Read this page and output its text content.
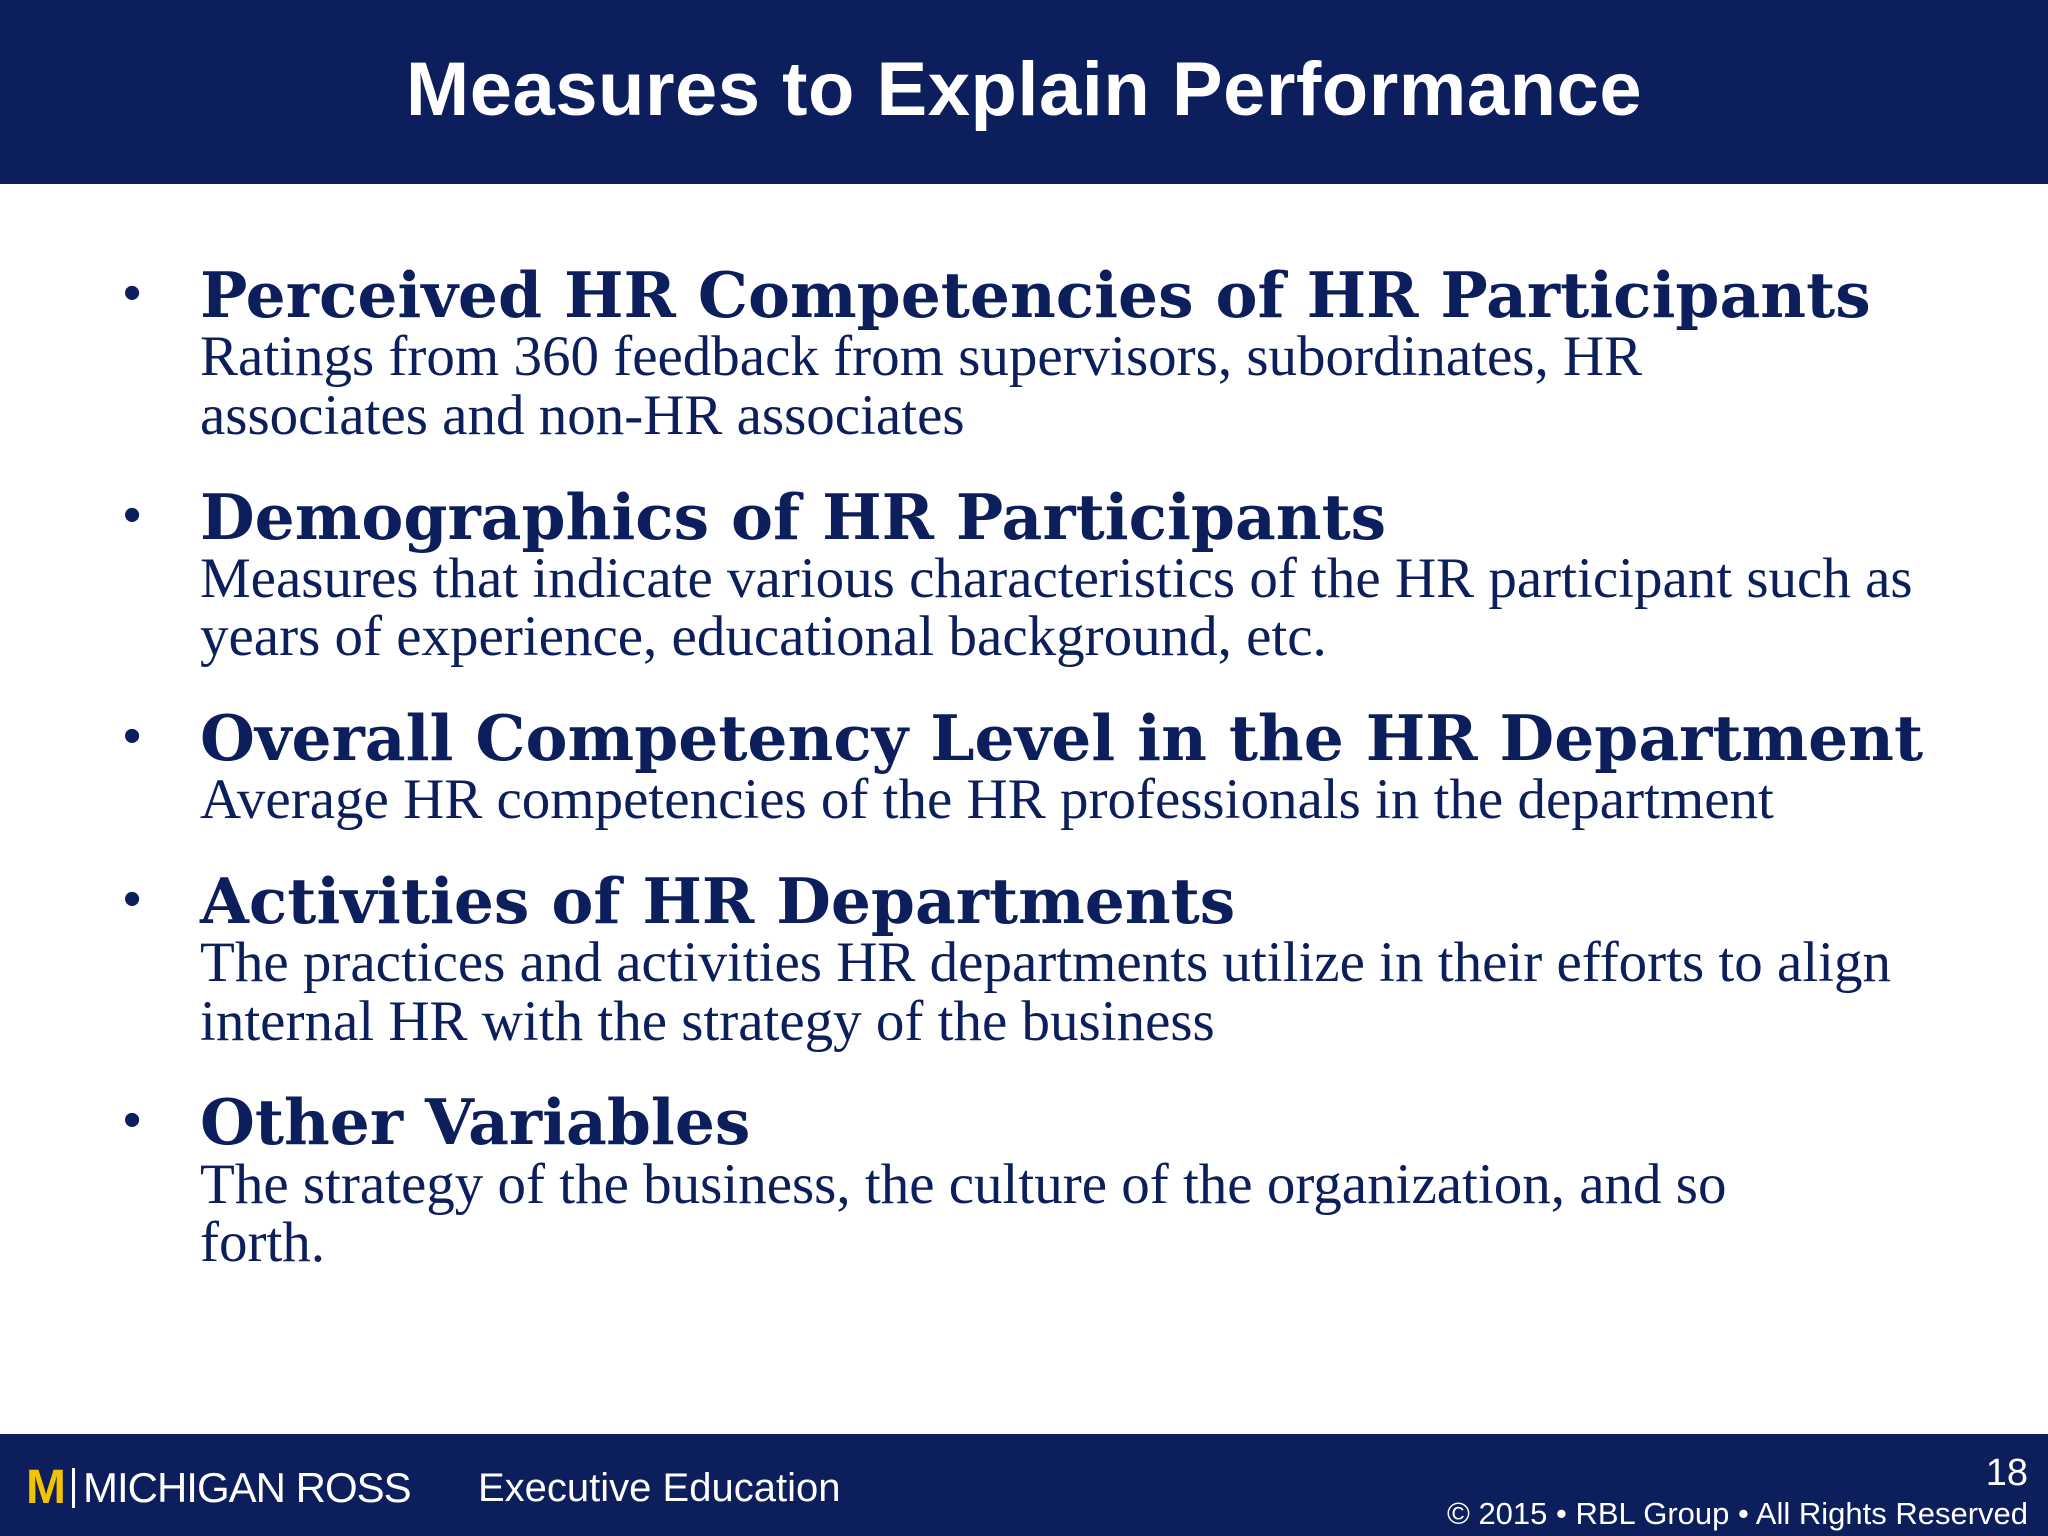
Measures to Explain Performance
• Perceived HR Competencies of HR Participants
Ratings from 360 feedback from supervisors, subordinates, HR associates and non-HR associates
• Demographics of HR Participants
Measures that indicate various characteristics of the HR participant such as years of experience, educational background, etc.
• Overall Competency Level in the HR Department
Average HR competencies of the HR professionals in the department
• Activities of HR Departments
The practices and activities HR departments utilize in their efforts to align internal HR with the strategy of the business
• Other Variables
The strategy of the business, the culture of the organization, and so forth.
M MICHIGAN ROSS Executive Education	18
© 2015 • RBL Group • All Rights Reserved
